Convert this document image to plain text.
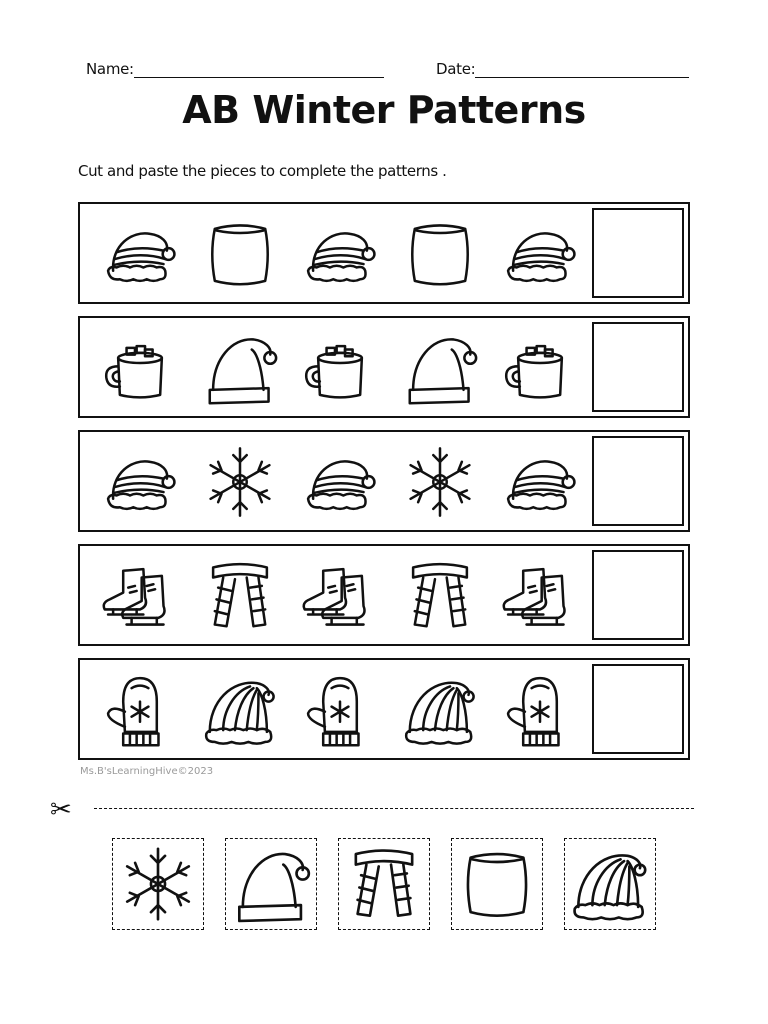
Name:	Date:
AB Winter Patterns
Cut and paste the pieces to complete the patterns .
Ms.B'sLearningHive©2023
✂
